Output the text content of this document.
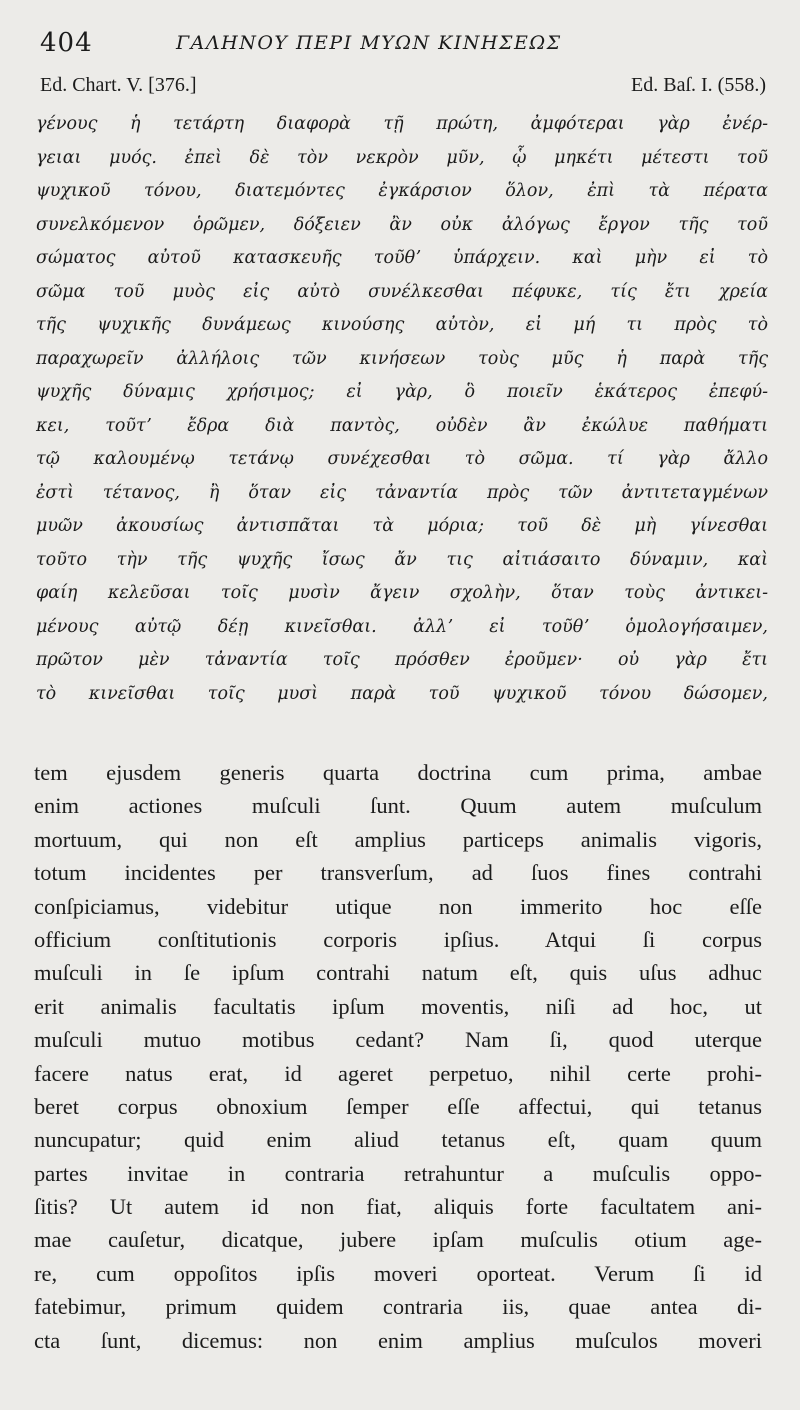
404	ΓΑΛΗΝΟΥ ΠΕΡΙ ΜΥΩΝ ΚΙΝΗΣΕΩΣ
Ed. Chart. V. [376.]	Ed. Baſ. I. (558.)
γένους ἡ τετάρτη διαφορὰ τῇ πρώτη, ἀμφότεραι γὰρ ἐνέρ-
γειαι μυός. ἐπεὶ δὲ τὸν νεκρὸν μῦν, ᾧ μηκέτι μέτεστι τοῦ
ψυχικοῦ τόνου, διατεμόντες ἐγκάρσιον ὅλον, ἐπὶ τὰ πέρατα
συνελκόμενον ὁρῶμεν, δόξειεν ἂν οὐκ ἀλόγως ἔργον τῆς τοῦ
σώματος αὐτοῦ κατασκευῆς τοῦθʼ ὑπάρχειν. καὶ μὴν εἰ τὸ
σῶμα τοῦ μυὸς εἰς αὐτὸ συνέλκεσθαι πέφυκε, τίς ἔτι χρεία
τῆς ψυχικῆς δυνάμεως κινούσης αὐτὸν, εἰ μή τι πρὸς τὸ
παραχωρεῖν ἀλλήλοις τῶν κινήσεων τοὺς μῦς ἡ παρὰ τῆς
ψυχῆς δύναμις χρήσιμος; εἰ γὰρ, ὃ ποιεῖν ἑκάτερος ἐπεφύ-
κει, τοῦτʼ ἔδρα διὰ παντὸς, οὐδὲν ἂν ἐκώλυε παθήματι
τῷ καλουμένῳ τετάνῳ συνέχεσθαι τὸ σῶμα. τί γὰρ ἄλλο
ἐστὶ τέτανος, ἢ ὅταν εἰς τἀναντία πρὸς τῶν ἀντιτεταγμένων
μυῶν ἀκουσίως ἀντισπᾶται τὰ μόρια; τοῦ δὲ μὴ γίνεσθαι
τοῦτο τὴν τῆς ψυχῆς ἴσως ἄν τις αἰτιάσαιτο δύναμιν, καὶ
φαίη κελεῦσαι τοῖς μυσὶν ἄγειν σχολὴν, ὅταν τοὺς ἀντικει-
μένους αὐτῷ δέῃ κινεῖσθαι. ἀλλʼ εἰ τοῦθʼ ὁμολογήσαιμεν,
πρῶτον μὲν τἀναντία τοῖς πρόσθεν ἐροῦμεν· οὐ γὰρ ἔτι
τὸ κινεῖσθαι τοῖς μυσὶ παρὰ τοῦ ψυχικοῦ τόνου δώσομεν,
tem ejusdem generis quarta doctrina cum prima, ambae
enim actiones muſculi ſunt. Quum autem muſculum
mortuum, qui non eſt amplius particeps animalis vigoris,
totum incidentes per transverſum, ad ſuos fines contrahi
conſpiciamus, videbitur utique non immerito hoc eſſe
officium conſtitutionis corporis ipſius. Atqui ſi corpus
muſculi in ſe ipſum contrahi natum eſt, quis uſus adhuc
erit animalis facultatis ipſum moventis, niſi ad hoc, ut
muſculi mutuo motibus cedant? Nam ſi, quod uterque
facere natus erat, id ageret perpetuo, nihil certe prohi-
beret corpus obnoxium ſemper eſſe affectui, qui tetanus
nuncupatur; quid enim aliud tetanus eſt, quam quum
partes invitae in contraria retrahuntur a muſculis oppo-
ſitis? Ut autem id non fiat, aliquis forte facultatem ani-
mae cauſetur, dicatque, jubere ipſam muſculis otium age-
re, cum oppoſitos ipſis moveri oporteat. Verum ſi id
fatebimur, primum quidem contraria iis, quae antea di-
cta ſunt, dicemus: non enim amplius muſculos moveri
